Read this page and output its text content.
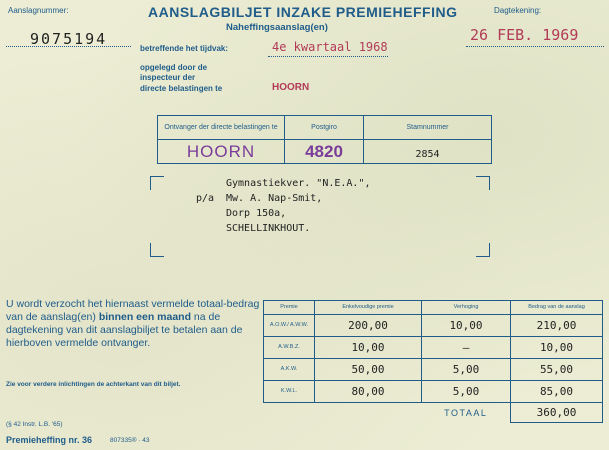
Aanslagnummer:
9075194
AANSLAGBILJET INZAKE PREMIEHEFFING
Naheffingsaanslag(en)
Dagtekening:
26 FEB. 1969
betreffende het tijdvak:	4e kwartaal 1968
opgelegd door de
inspecteur der
directe belastingen te	HOORN
Ontvanger der directe belastingen te	Postgiro	Stamnummer
HOORN	4820	2854
Gymnastiekver. "N.E.A.",
p/a Mw. A. Nap-Smit,
Dorp 150a,
SCHELLINKHOUT.
U wordt verzocht het hiernaast vermelde totaal-bedrag van de aanslag(en) binnen een maand na de dagtekening van dit aanslagbiljet te betalen aan de hierboven vermelde ontvanger.
Zie voor verdere inlichtingen de achterkant van dit biljet.
(§ 42 Instr. L.B. '65)
Premieheffing nr. 36	807335® · 43
Premie	Enkelvoudige premie	Verhoging	Bedrag van de aanslag
A.O.W./ A.W.W.	200,00	10,00	210,00
A.W.B.Z.	10,00	–	10,00
A.K.W.	50,00	5,00	55,00
K.W.L.	80,00	5,00	85,00
		TOTAAL	360,00
